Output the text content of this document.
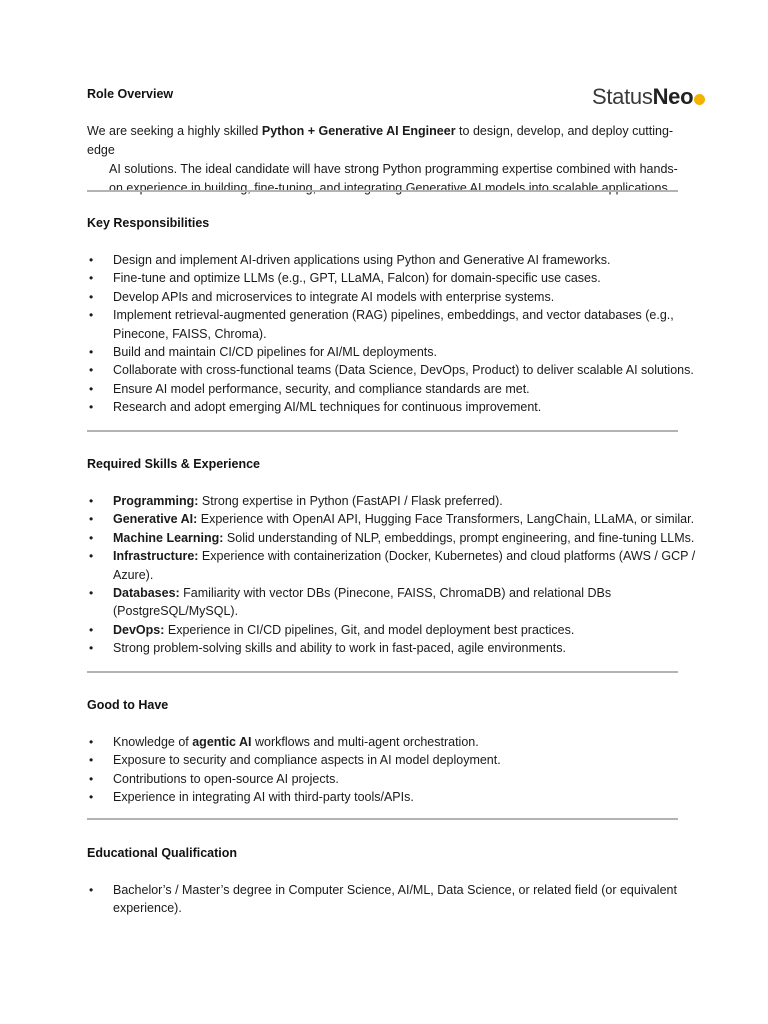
Status Neo
Role Overview
We are seeking a highly skilled Python + Generative AI Engineer to design, develop, and deploy cutting-edge
AI solutions. The ideal candidate will have strong Python programming expertise combined with hands-
on experience in building, fine-tuning, and integrating Generative AI models into scalable applications.
Key Responsibilities
• Design and implement AI-driven applications using Python and Generative AI frameworks.
• Fine-tune and optimize LLMs (e.g., GPT, LLaMA, Falcon) for domain-specific use cases.
• Develop APIs and microservices to integrate AI models with enterprise systems.
• Implement retrieval-augmented generation (RAG) pipelines, embeddings, and vector databases (e.g., Pinecone, FAISS, Chroma).
• Build and maintain CI/CD pipelines for AI/ML deployments.
• Collaborate with cross-functional teams (Data Science, DevOps, Product) to deliver scalable AI solutions.
• Ensure AI model performance, security, and compliance standards are met.
• Research and adopt emerging AI/ML techniques for continuous improvement.
Required Skills & Experience
• Programming: Strong expertise in Python (FastAPI / Flask preferred).
• Generative AI: Experience with OpenAI API, Hugging Face Transformers, LangChain, LLaMA, or similar.
• Machine Learning: Solid understanding of NLP, embeddings, prompt engineering, and fine-tuning LLMs.
• Infrastructure: Experience with containerization (Docker, Kubernetes) and cloud platforms (AWS / GCP / Azure).
• Databases: Familiarity with vector DBs (Pinecone, FAISS, ChromaDB) and relational DBs (PostgreSQL/MySQL).
• DevOps: Experience in CI/CD pipelines, Git, and model deployment best practices.
• Strong problem-solving skills and ability to work in fast-paced, agile environments.
Good to Have
• Knowledge of agentic AI workflows and multi-agent orchestration.
• Exposure to security and compliance aspects in AI model deployment.
• Contributions to open-source AI projects.
• Experience in integrating AI with third-party tools/APIs.
Educational Qualification
• Bachelor’s / Master’s degree in Computer Science, AI/ML, Data Science, or related field (or equivalent experience).
